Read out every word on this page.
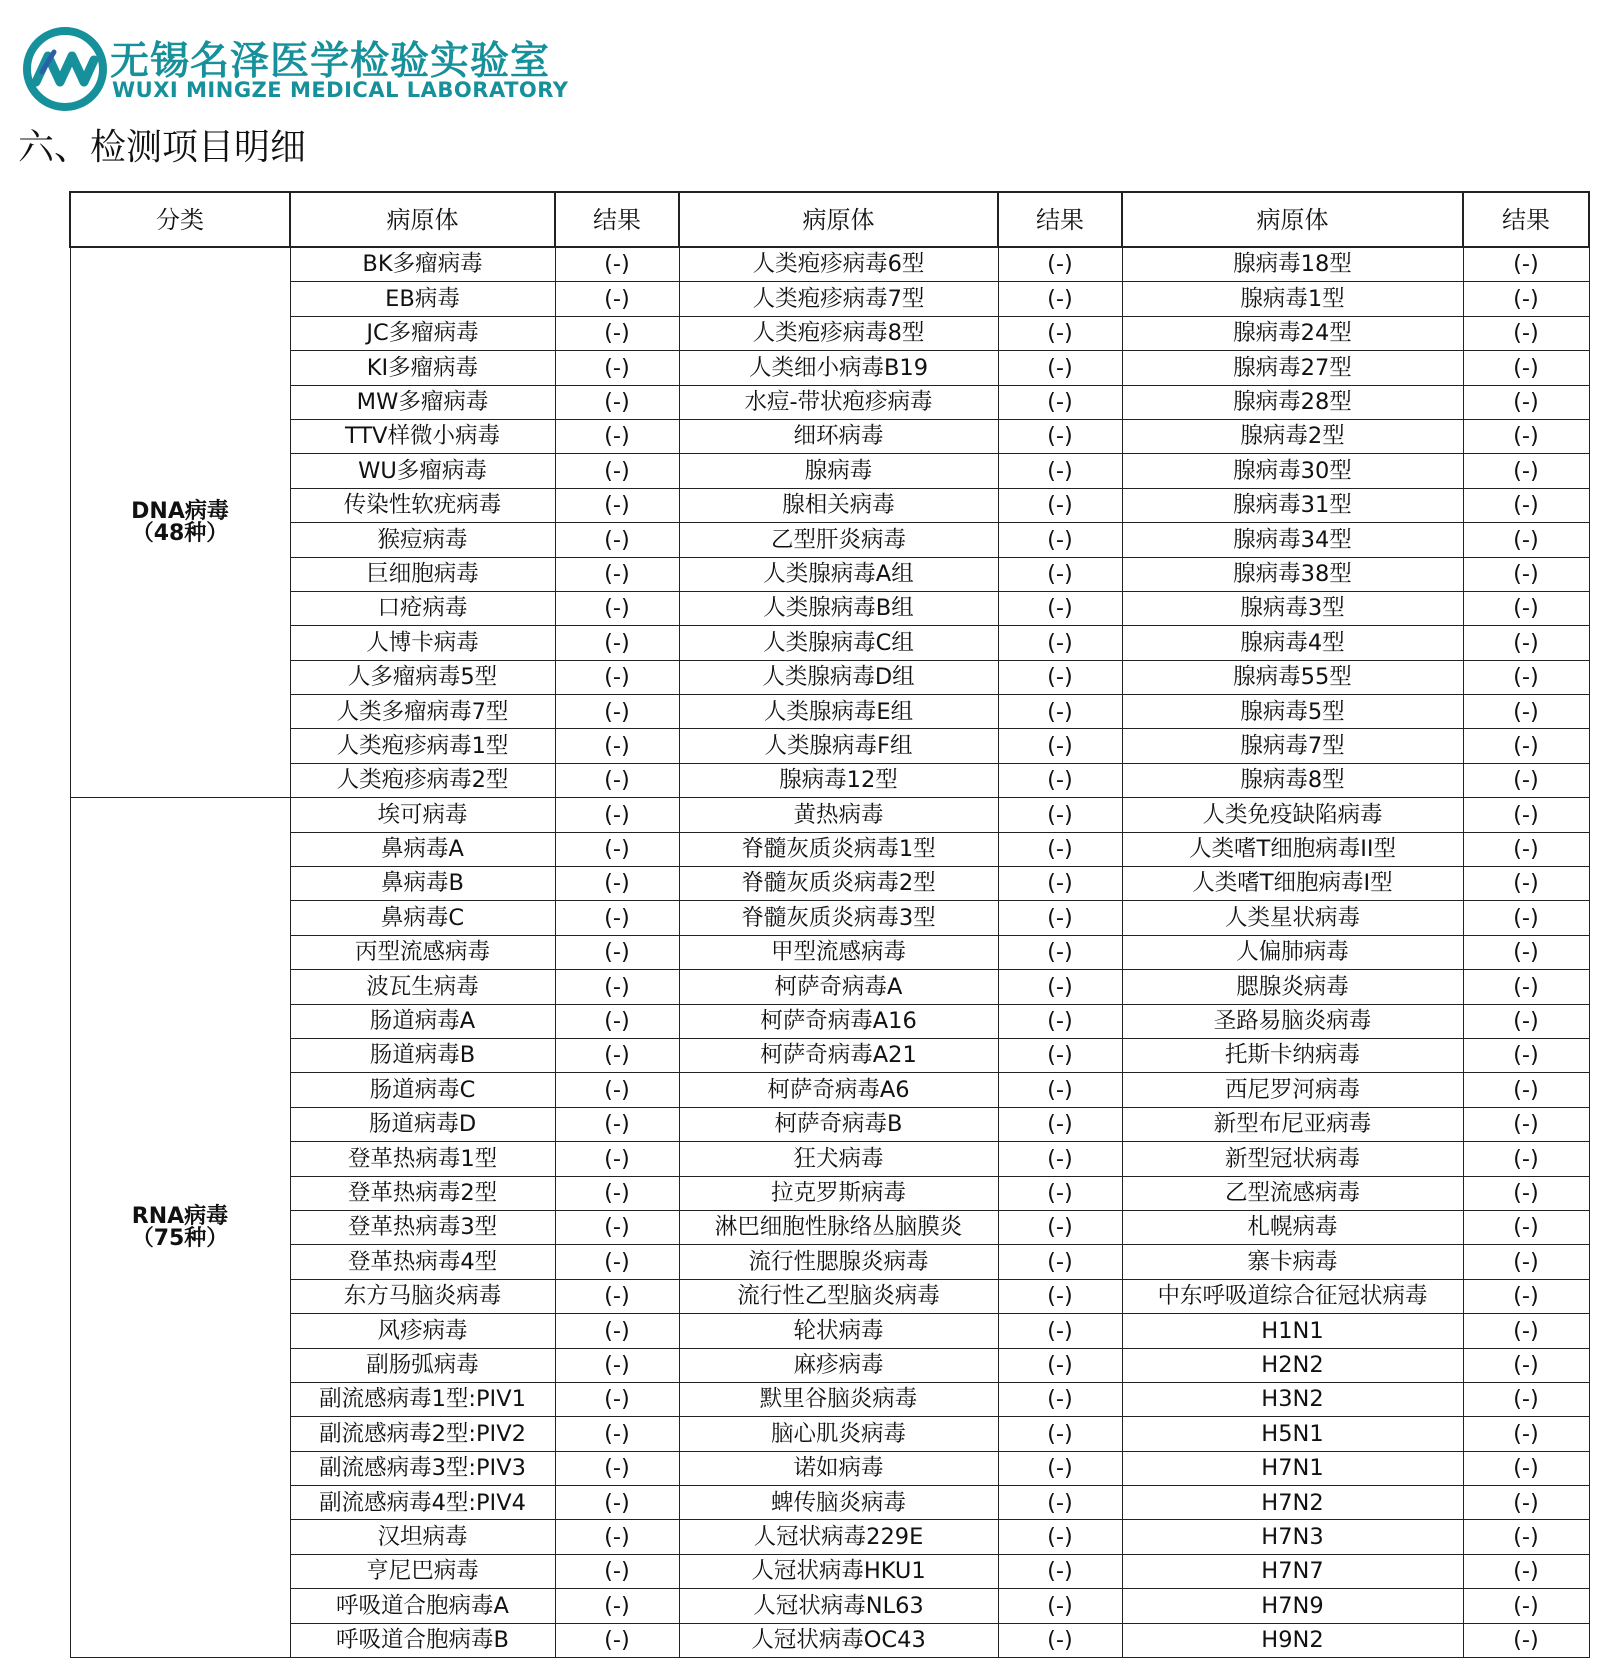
无锡名泽医学检验实验室
WUXI MINGZE MEDICAL LABORATORY
六、检测项目明细
分类	病原体	结果	病原体	结果	病原体	结果

DNA病毒
（48种）	BK多瘤病毒	(-)	人类疱疹病毒6型	(-)	腺病毒18型	(-)
	EB病毒	(-)	人类疱疹病毒7型	(-)	腺病毒1型	(-)
	JC多瘤病毒	(-)	人类疱疹病毒8型	(-)	腺病毒24型	(-)
	KI多瘤病毒	(-)	人类细小病毒B19	(-)	腺病毒27型	(-)
	MW多瘤病毒	(-)	水痘-带状疱疹病毒	(-)	腺病毒28型	(-)
	TTV样微小病毒	(-)	细环病毒	(-)	腺病毒2型	(-)
	WU多瘤病毒	(-)	腺病毒	(-)	腺病毒30型	(-)
	传染性软疣病毒	(-)	腺相关病毒	(-)	腺病毒31型	(-)
	猴痘病毒	(-)	乙型肝炎病毒	(-)	腺病毒34型	(-)
	巨细胞病毒	(-)	人类腺病毒A组	(-)	腺病毒38型	(-)
	口疮病毒	(-)	人类腺病毒B组	(-)	腺病毒3型	(-)
	人博卡病毒	(-)	人类腺病毒C组	(-)	腺病毒4型	(-)
	人多瘤病毒5型	(-)	人类腺病毒D组	(-)	腺病毒55型	(-)
	人类多瘤病毒7型	(-)	人类腺病毒E组	(-)	腺病毒5型	(-)
	人类疱疹病毒1型	(-)	人类腺病毒F组	(-)	腺病毒7型	(-)
	人类疱疹病毒2型	(-)	腺病毒12型	(-)	腺病毒8型	(-)

RNA病毒
（75种）	埃可病毒	(-)	黄热病毒	(-)	人类免疫缺陷病毒	(-)
	鼻病毒A	(-)	脊髓灰质炎病毒1型	(-)	人类嗜T细胞病毒II型	(-)
	鼻病毒B	(-)	脊髓灰质炎病毒2型	(-)	人类嗜T细胞病毒I型	(-)
	鼻病毒C	(-)	脊髓灰质炎病毒3型	(-)	人类星状病毒	(-)
	丙型流感病毒	(-)	甲型流感病毒	(-)	人偏肺病毒	(-)
	波瓦生病毒	(-)	柯萨奇病毒A	(-)	腮腺炎病毒	(-)
	肠道病毒A	(-)	柯萨奇病毒A16	(-)	圣路易脑炎病毒	(-)
	肠道病毒B	(-)	柯萨奇病毒A21	(-)	托斯卡纳病毒	(-)
	肠道病毒C	(-)	柯萨奇病毒A6	(-)	西尼罗河病毒	(-)
	肠道病毒D	(-)	柯萨奇病毒B	(-)	新型布尼亚病毒	(-)
	登革热病毒1型	(-)	狂犬病毒	(-)	新型冠状病毒	(-)
	登革热病毒2型	(-)	拉克罗斯病毒	(-)	乙型流感病毒	(-)
	登革热病毒3型	(-)	淋巴细胞性脉络丛脑膜炎	(-)	札幌病毒	(-)
	登革热病毒4型	(-)	流行性腮腺炎病毒	(-)	寨卡病毒	(-)
	东方马脑炎病毒	(-)	流行性乙型脑炎病毒	(-)	中东呼吸道综合征冠状病毒	(-)
	风疹病毒	(-)	轮状病毒	(-)	H1N1	(-)
	副肠弧病毒	(-)	麻疹病毒	(-)	H2N2	(-)
	副流感病毒1型:PIV1	(-)	默里谷脑炎病毒	(-)	H3N2	(-)
	副流感病毒2型:PIV2	(-)	脑心肌炎病毒	(-)	H5N1	(-)
	副流感病毒3型:PIV3	(-)	诺如病毒	(-)	H7N1	(-)
	副流感病毒4型:PIV4	(-)	蜱传脑炎病毒	(-)	H7N2	(-)
	汉坦病毒	(-)	人冠状病毒229E	(-)	H7N3	(-)
	亨尼巴病毒	(-)	人冠状病毒HKU1	(-)	H7N7	(-)
	呼吸道合胞病毒A	(-)	人冠状病毒NL63	(-)	H7N9	(-)
	呼吸道合胞病毒B	(-)	人冠状病毒OC43	(-)	H9N2	(-)
